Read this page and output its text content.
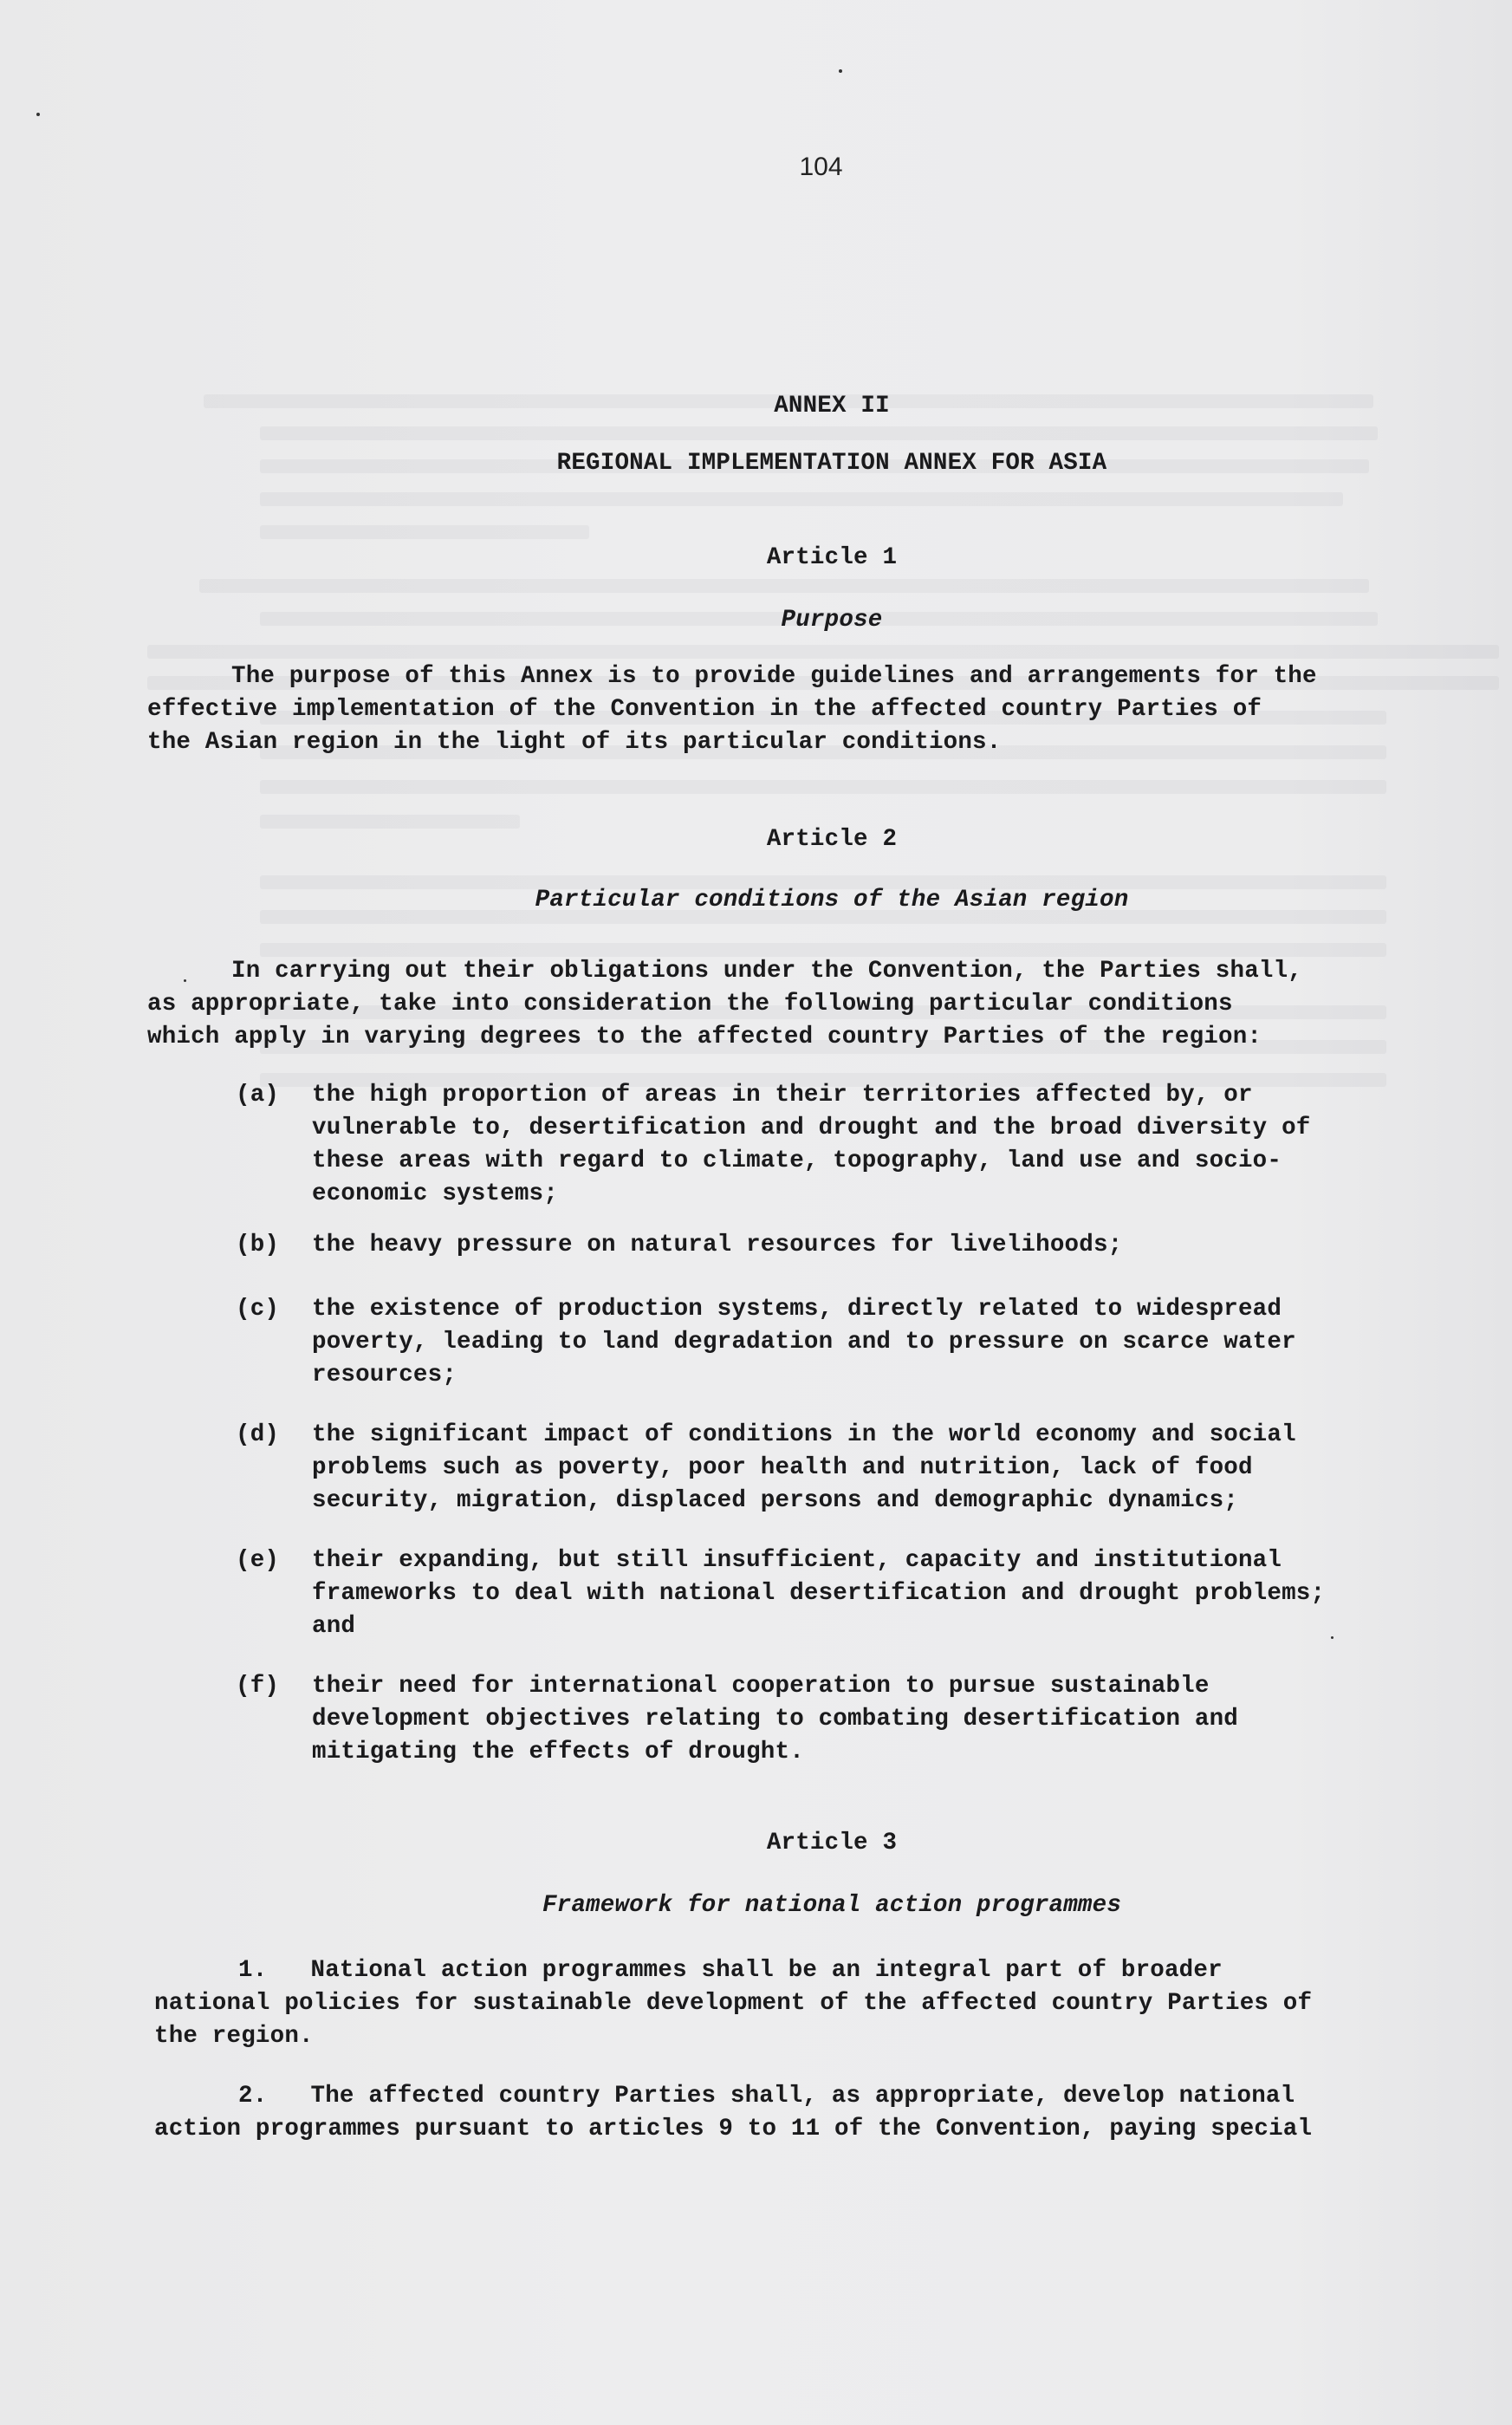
104
ANNEX II
REGIONAL IMPLEMENTATION ANNEX FOR ASIA
Article 1
Purpose
The purpose of this Annex is to provide guidelines and arrangements for the
effective implementation of the Convention in the affected country Parties of
the Asian region in the light of its particular conditions.
Article 2
Particular conditions of the Asian region
In carrying out their obligations under the Convention, the Parties shall,
as appropriate, take into consideration the following particular conditions
which apply in varying degrees to the affected country Parties of the region:
(a) the high proportion of areas in their territories affected by, or
vulnerable to, desertification and drought and the broad diversity of
these areas with regard to climate, topography, land use and socio-
economic systems;
(b) the heavy pressure on natural resources for livelihoods;
(c) the existence of production systems, directly related to widespread
poverty, leading to land degradation and to pressure on scarce water
resources;
(d) the significant impact of conditions in the world economy and social
problems such as poverty, poor health and nutrition, lack of food
security, migration, displaced persons and demographic dynamics;
(e) their expanding, but still insufficient, capacity and institutional
frameworks to deal with national desertification and drought problems;
and
(f) their need for international cooperation to pursue sustainable
development objectives relating to combating desertification and
mitigating the effects of drought.
Article 3
Framework for national action programmes
1.   National action programmes shall be an integral part of broader
national policies for sustainable development of the affected country Parties of
the region.
2.   The affected country Parties shall, as appropriate, develop national
action programmes pursuant to articles 9 to 11 of the Convention, paying special
